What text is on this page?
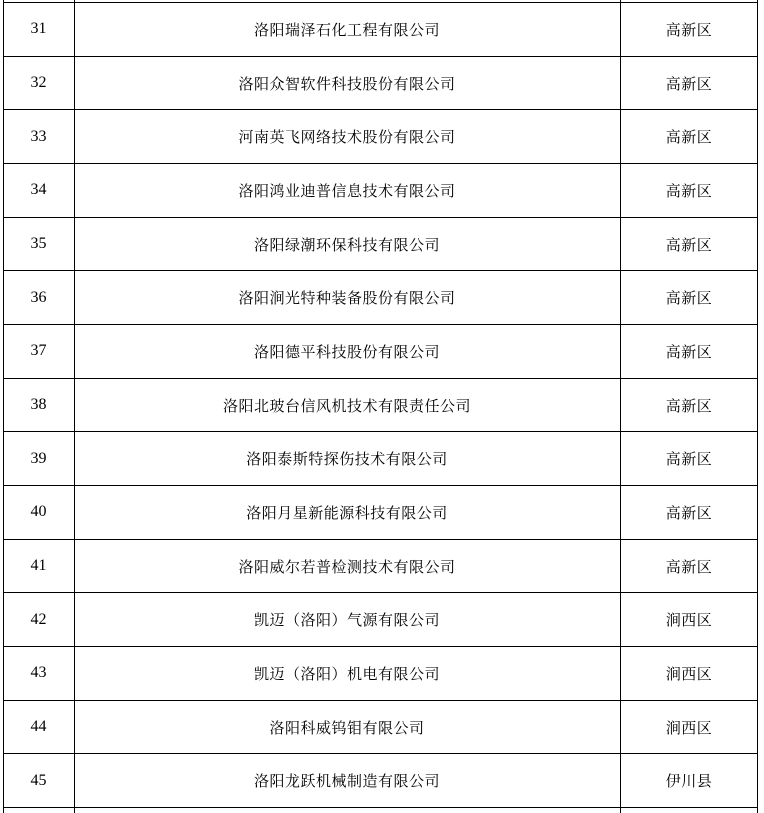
31	洛阳瑞泽石化工程有限公司	高新区
32	洛阳众智软件科技股份有限公司	高新区
33	河南英飞网络技术股份有限公司	高新区
34	洛阳鸿业迪普信息技术有限公司	高新区
35	洛阳绿潮环保科技有限公司	高新区
36	洛阳涧光特种装备股份有限公司	高新区
37	洛阳德平科技股份有限公司	高新区
38	洛阳北玻台信风机技术有限责任公司	高新区
39	洛阳泰斯特探伤技术有限公司	高新区
40	洛阳月星新能源科技有限公司	高新区
41	洛阳威尔若普检测技术有限公司	高新区
42	凯迈（洛阳）气源有限公司	涧西区
43	凯迈（洛阳）机电有限公司	涧西区
44	洛阳科威钨钼有限公司	涧西区
45	洛阳龙跃机械制造有限公司	伊川县
